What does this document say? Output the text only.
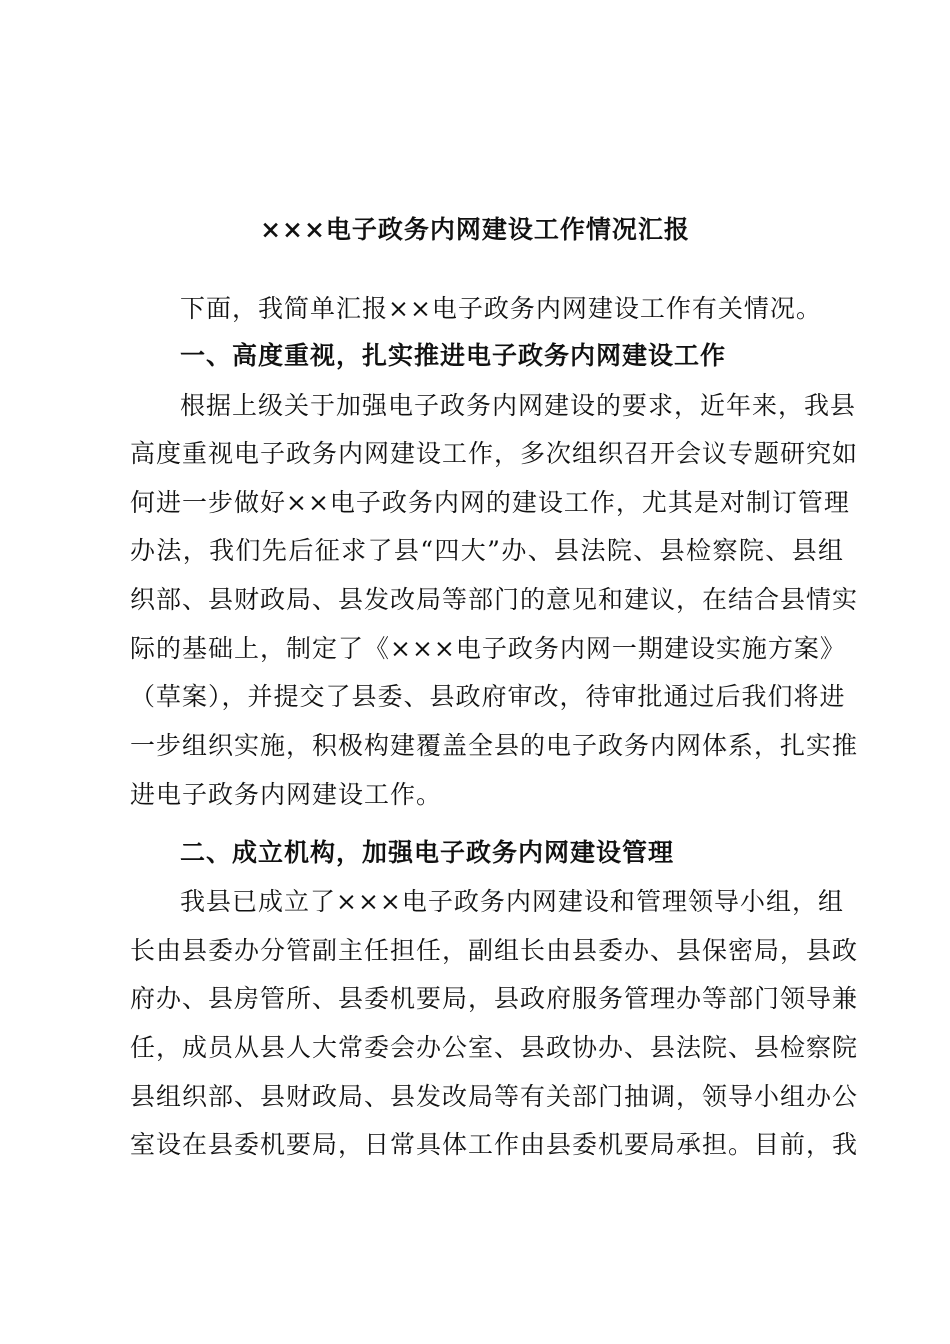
×××电子政务内网建设工作情况汇报
下面，我简单汇报××电子政务内网建设工作有关情况。
一、高度重视，扎实推进电子政务内网建设工作
根据上级关于加强电子政务内网建设的要求，近年来，我县
高度重视电子政务内网建设工作，多次组织召开会议专题研究如
何进一步做好××电子政务内网的建设工作，尤其是对制订管理
办法，我们先后征求了县“四大”办、县法院、县检察院、县组
织部、县财政局、县发改局等部门的意见和建议，在结合县情实
际的基础上，制定了《×××电子政务内网一期建设实施方案》
（草案），并提交了县委、县政府审改，待审批通过后我们将进
一步组织实施，积极构建覆盖全县的电子政务内网体系，扎实推
进电子政务内网建设工作。
二、成立机构，加强电子政务内网建设管理
我县已成立了×××电子政务内网建设和管理领导小组，组
长由县委办分管副主任担任，副组长由县委办、县保密局，县政
府办、县房管所、县委机要局，县政府服务管理办等部门领导兼
任，成员从县人大常委会办公室、县政协办、县法院、县检察院
县组织部、县财政局、县发改局等有关部门抽调，领导小组办公
室设在县委机要局，日常具体工作由县委机要局承担。目前，我
